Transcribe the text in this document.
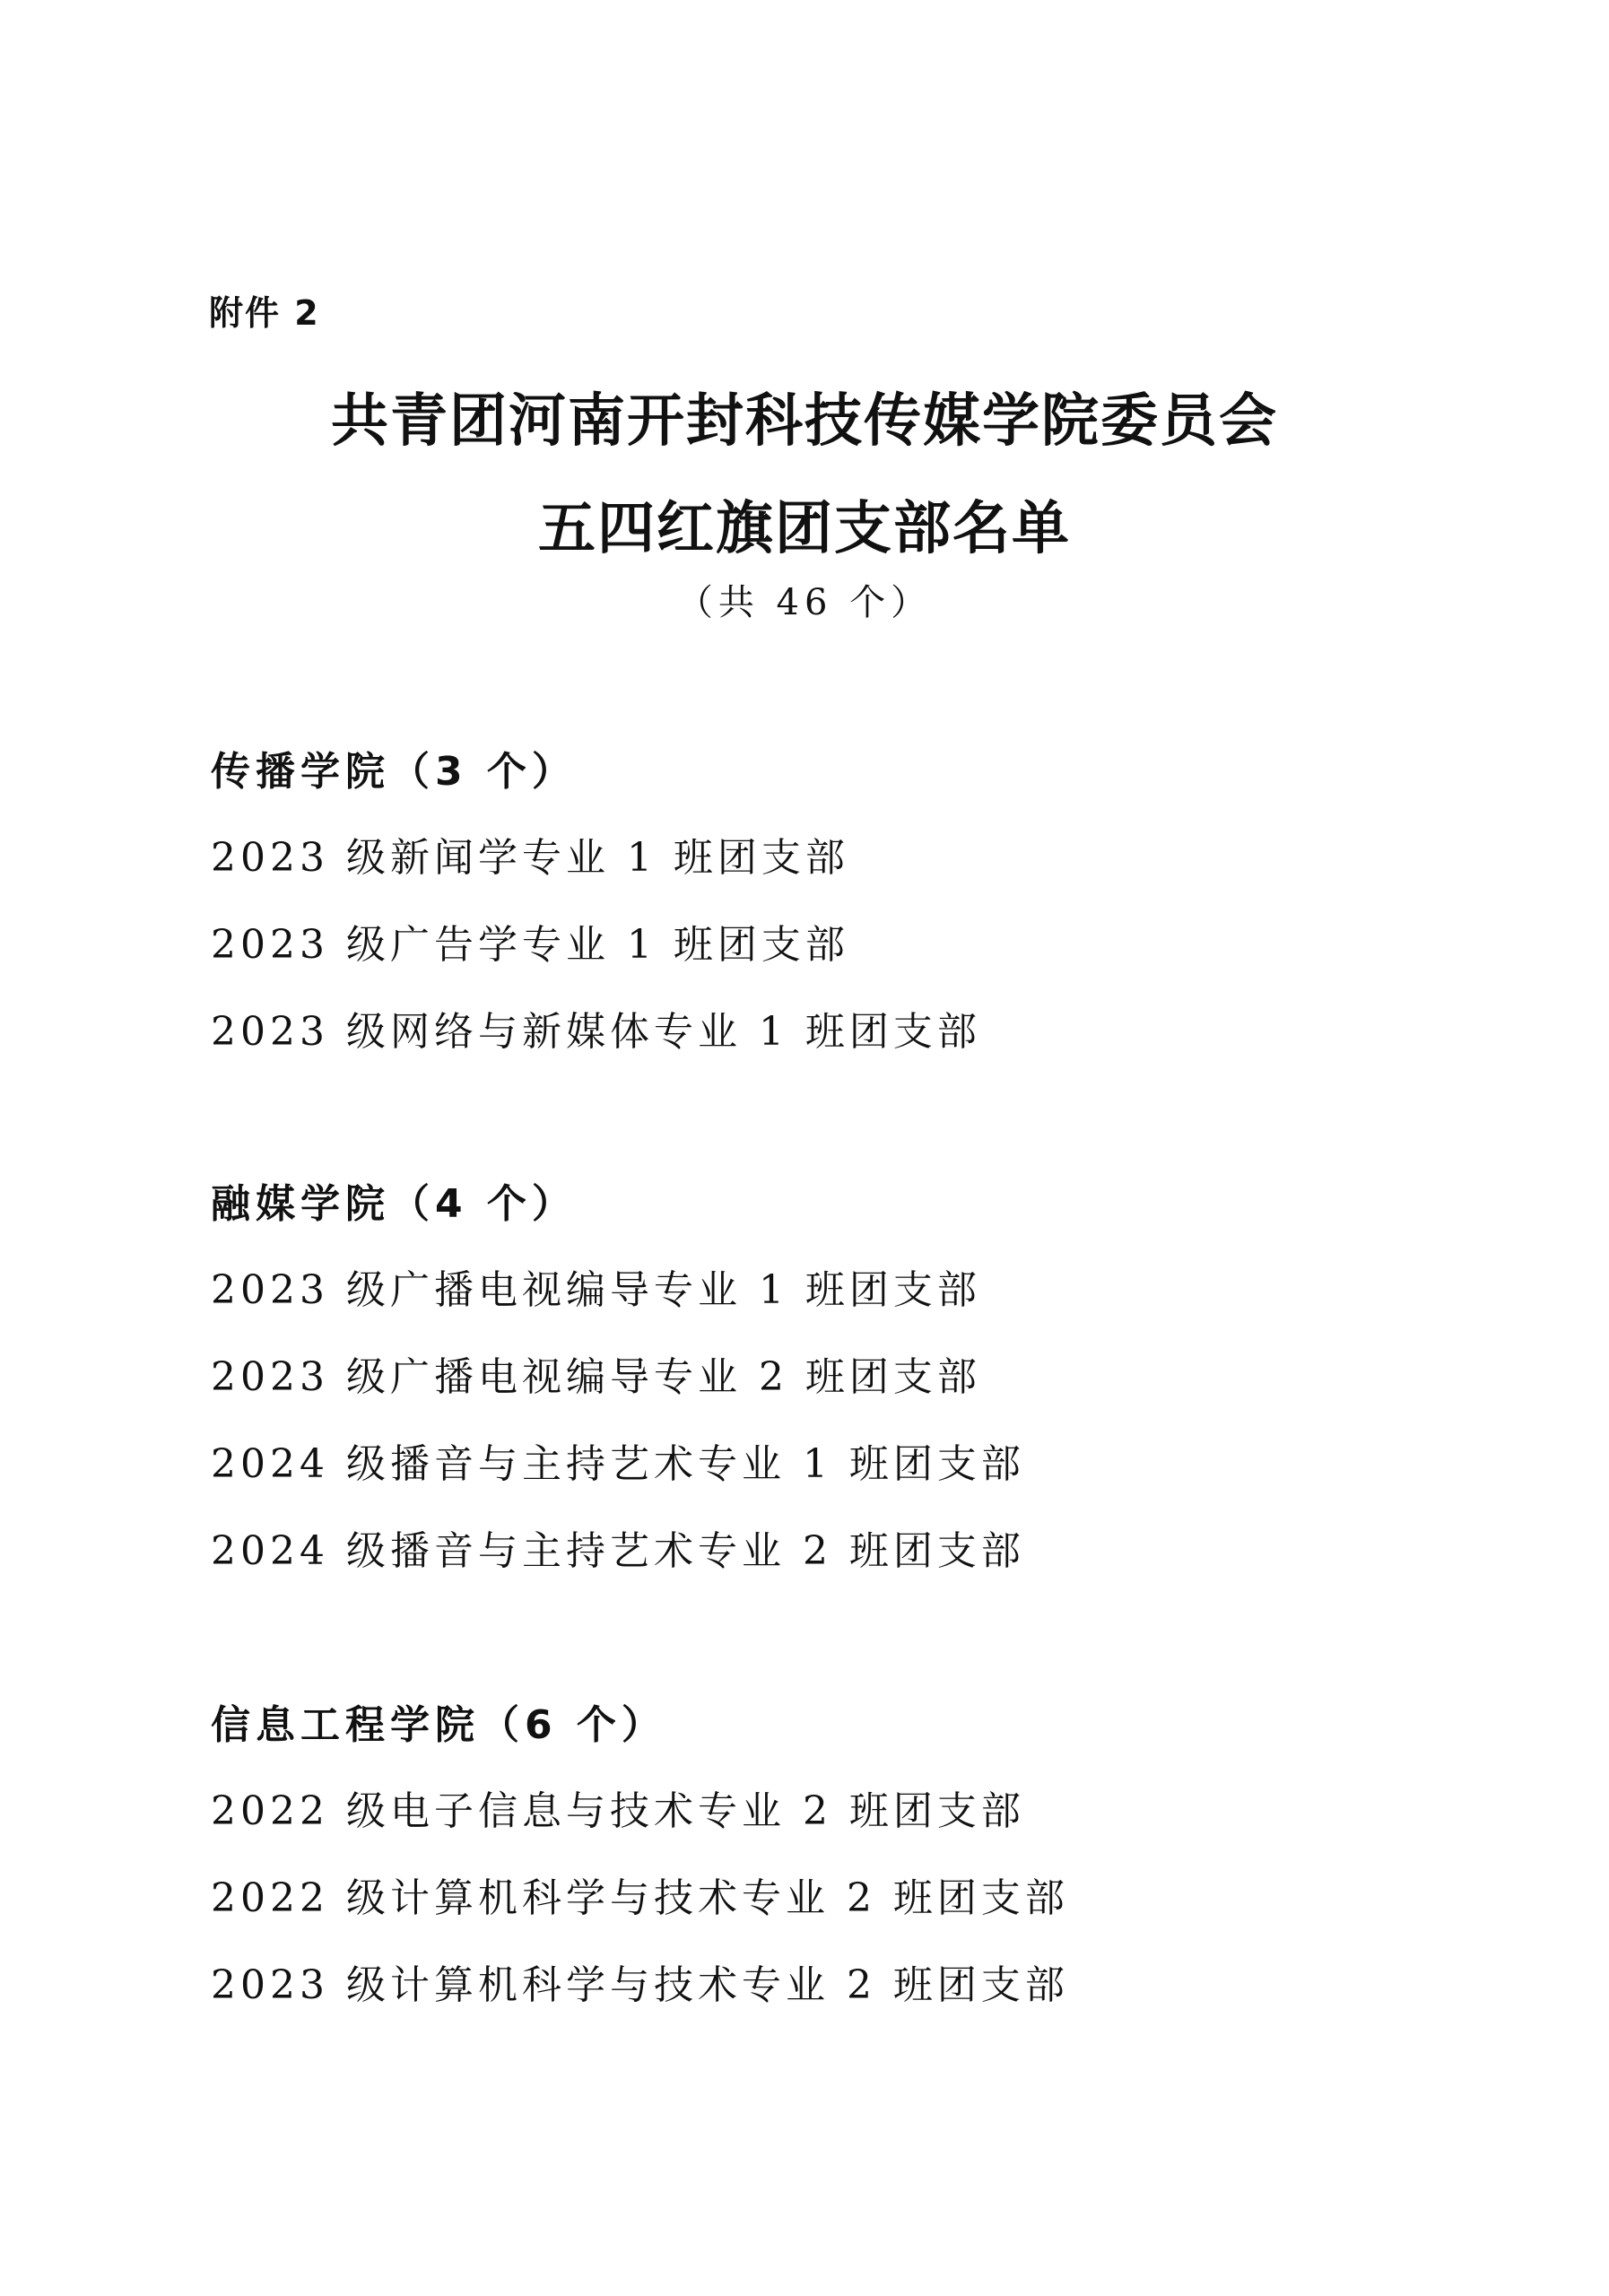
附件 2
共青团河南开封科技传媒学院委员会
五四红旗团支部名单
（共 46 个）
传播学院（3 个）
2023 级新闻学专业 1 班团支部
2023 级广告学专业 1 班团支部
2023 级网络与新媒体专业 1 班团支部
融媒学院（4 个）
2023 级广播电视编导专业 1 班团支部
2023 级广播电视编导专业 2 班团支部
2024 级播音与主持艺术专业 1 班团支部
2024 级播音与主持艺术专业 2 班团支部
信息工程学院（6 个）
2022 级电子信息与技术专业 2 班团支部
2022 级计算机科学与技术专业 2 班团支部
2023 级计算机科学与技术专业 2 班团支部
